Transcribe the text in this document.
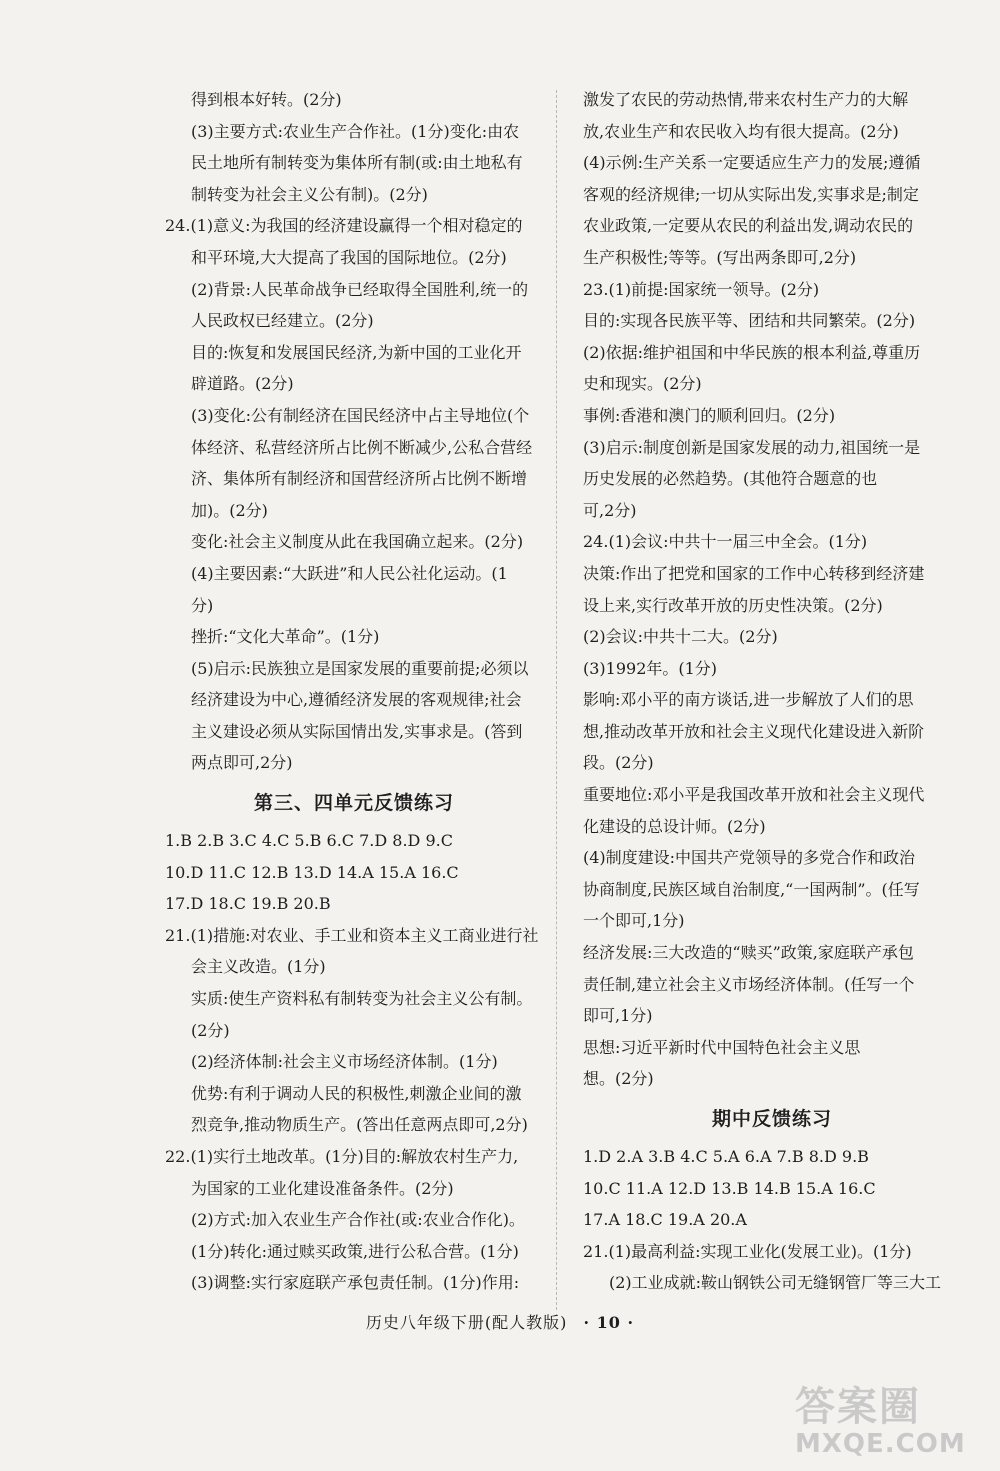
得到根本好转。(2分)
(3)主要方式:农业生产合作社。(1分)变化:由农
民土地所有制转变为集体所有制(或:由土地私有
制转变为社会主义公有制)。(2分)
24.(1)意义:为我国的经济建设赢得一个相对稳定的
和平环境,大大提高了我国的国际地位。(2分)
(2)背景:人民革命战争已经取得全国胜利,统一的
人民政权已经建立。(2分)
目的:恢复和发展国民经济,为新中国的工业化开
辟道路。(2分)
(3)变化:公有制经济在国民经济中占主导地位(个
体经济、私营经济所占比例不断减少,公私合营经
济、集体所有制经济和国营经济所占比例不断增
加)。(2分)
变化:社会主义制度从此在我国确立起来。(2分)
(4)主要因素:“大跃进”和人民公社化运动。(1
分)
挫折:“文化大革命”。(1分)
(5)启示:民族独立是国家发展的重要前提;必须以
经济建设为中心,遵循经济发展的客观规律;社会
主义建设必须从实际国情出发,实事求是。(答到
两点即可,2分)
第三、四单元反馈练习
1.B 2.B 3.C 4.C 5.B 6.C 7.D 8.D 9.C
10.D 11.C 12.B 13.D 14.A 15.A 16.C
17.D 18.C 19.B 20.B
21.(1)措施:对农业、手工业和资本主义工商业进行社
会主义改造。(1分)
实质:使生产资料私有制转变为社会主义公有制。
(2分)
(2)经济体制:社会主义市场经济体制。(1分)
优势:有利于调动人民的积极性,刺激企业间的激
烈竞争,推动物质生产。(答出任意两点即可,2分)
22.(1)实行土地改革。(1分)目的:解放农村生产力,
为国家的工业化建设准备条件。(2分)
(2)方式:加入农业生产合作社(或:农业合作化)。
(1分)转化:通过赎买政策,进行公私合营。(1分)
(3)调整:实行家庭联产承包责任制。(1分)作用:
激发了农民的劳动热情,带来农村生产力的大解
放,农业生产和农民收入均有很大提高。(2分)
(4)示例:生产关系一定要适应生产力的发展;遵循
客观的经济规律;一切从实际出发,实事求是;制定
农业政策,一定要从农民的利益出发,调动农民的
生产积极性;等等。(写出两条即可,2分)
23.(1)前提:国家统一领导。(2分)
目的:实现各民族平等、团结和共同繁荣。(2分)
(2)依据:维护祖国和中华民族的根本利益,尊重历
史和现实。(2分)
事例:香港和澳门的顺利回归。(2分)
(3)启示:制度创新是国家发展的动力,祖国统一是
历史发展的必然趋势。(其他符合题意的也
可,2分)
24.(1)会议:中共十一届三中全会。(1分)
决策:作出了把党和国家的工作中心转移到经济建
设上来,实行改革开放的历史性决策。(2分)
(2)会议:中共十二大。(2分)
(3)1992年。(1分)
影响:邓小平的南方谈话,进一步解放了人们的思
想,推动改革开放和社会主义现代化建设进入新阶
段。(2分)
重要地位:邓小平是我国改革开放和社会主义现代
化建设的总设计师。(2分)
(4)制度建设:中国共产党领导的多党合作和政治
协商制度,民族区域自治制度,“一国两制”。(任写
一个即可,1分)
经济发展:三大改造的“赎买”政策,家庭联产承包
责任制,建立社会主义市场经济体制。(任写一个
即可,1分)
思想:习近平新时代中国特色社会主义思
想。(2分)
期中反馈练习
1.D 2.A 3.B 4.C 5.A 6.A 7.B 8.D 9.B
10.C 11.A 12.D 13.B 14.B 15.A 16.C
17.A 18.C 19.A 20.A
21.(1)最高利益:实现工业化(发展工业)。(1分)
(2)工业成就:鞍山钢铁公司无缝钢管厂等三大工
历史八年级下册(配人教版) · 10 ·
答案圈
MXQE.COM
